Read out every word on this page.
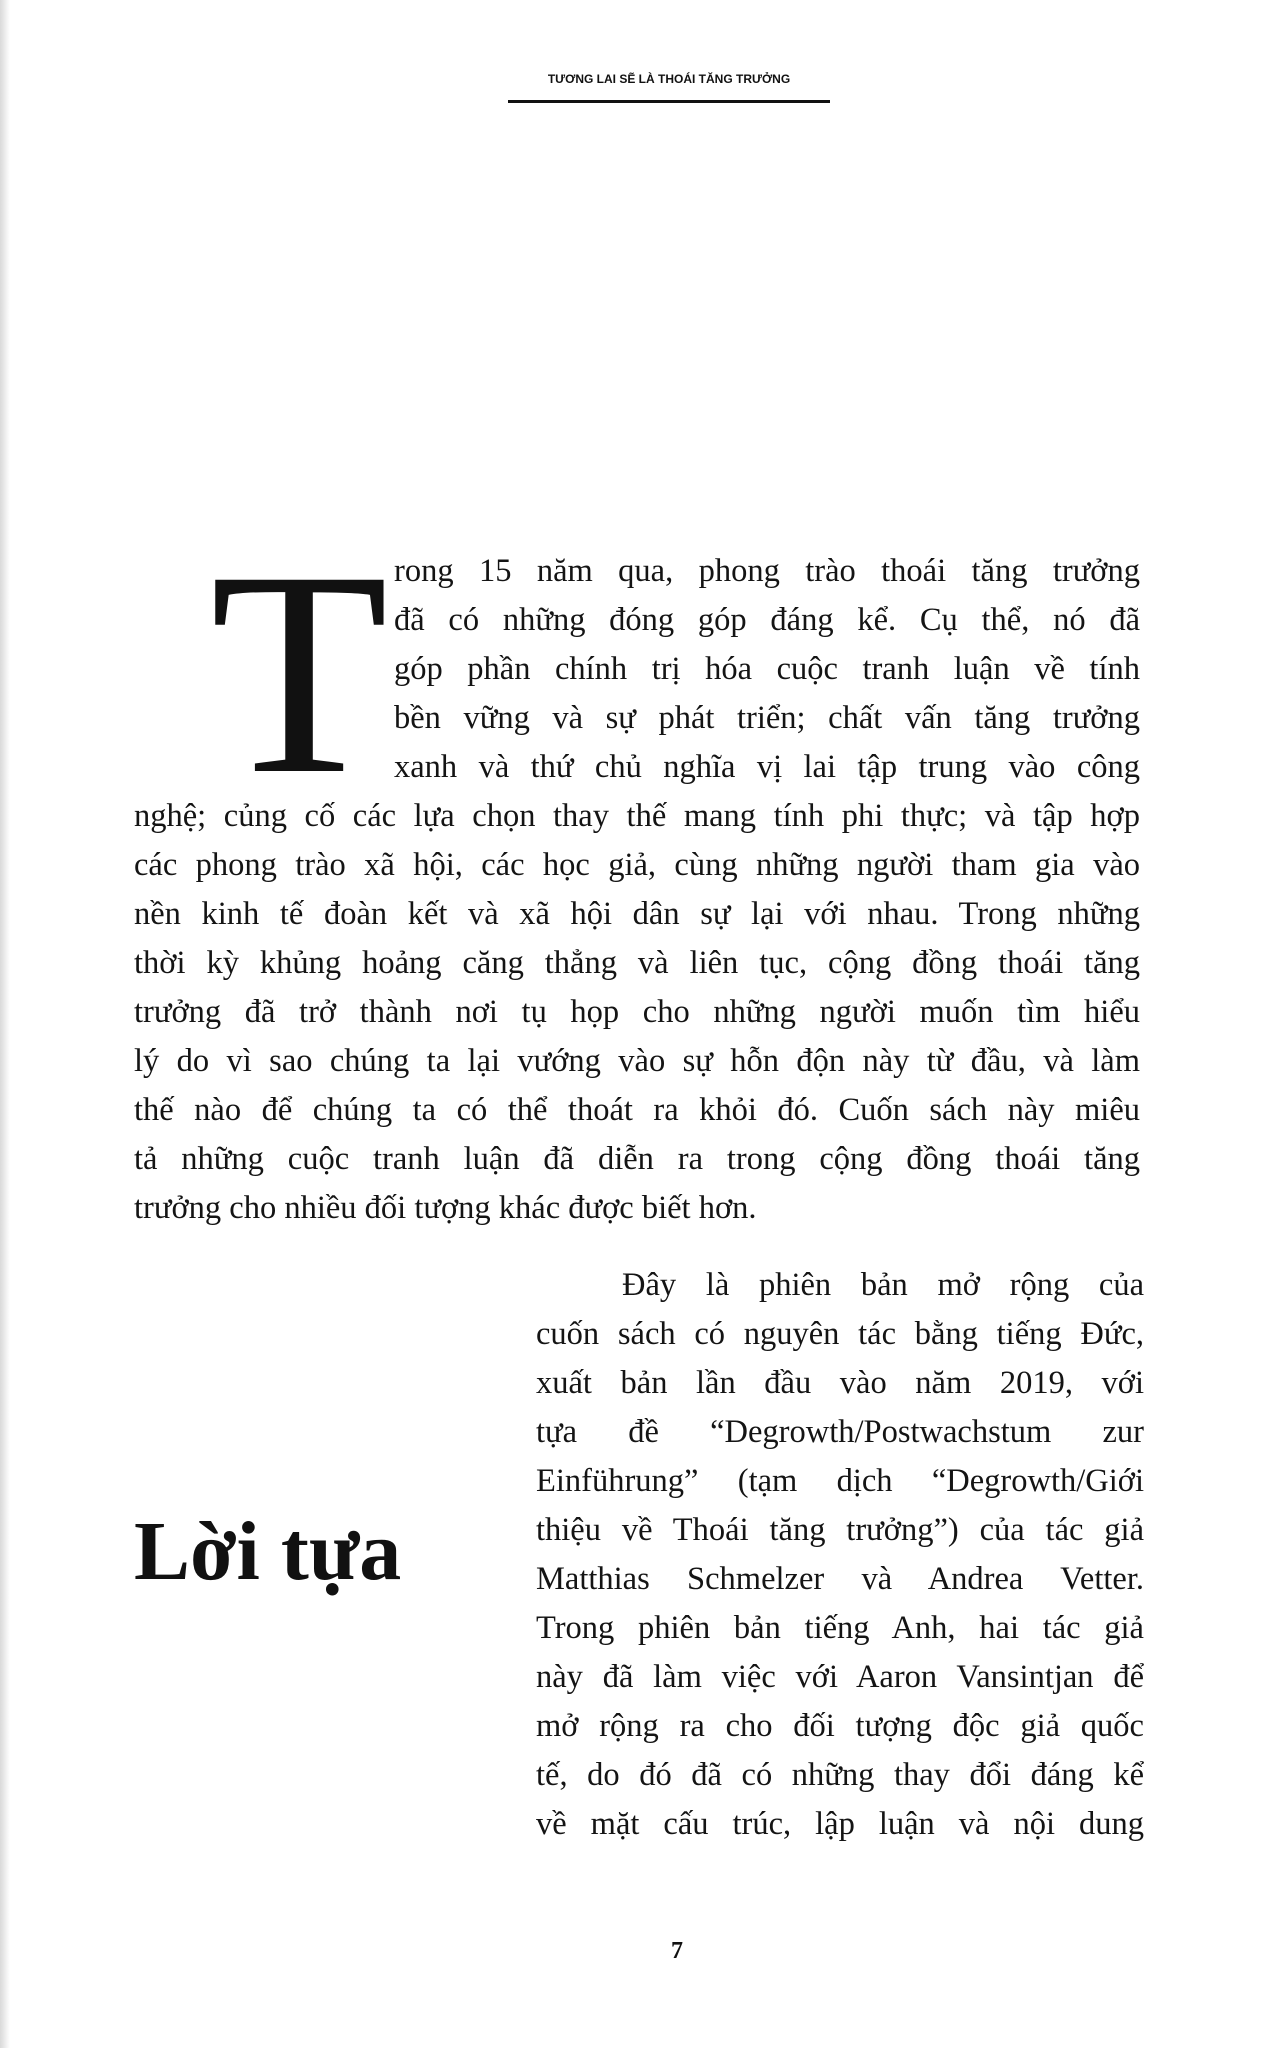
TƯƠNG LAI SẼ LÀ THOÁI TĂNG TRƯỞNG
T rong 15 năm qua, phong trào thoái tăng trưởng
đã có những đóng góp đáng kể. Cụ thể, nó đã
góp phần chính trị hóa cuộc tranh luận về tính
bền vững và sự phát triển; chất vấn tăng trưởng
xanh và thứ chủ nghĩa vị lai tập trung vào công
nghệ; củng cố các lựa chọn thay thế mang tính phi thực; và tập hợp
các phong trào xã hội, các học giả, cùng những người tham gia vào
nền kinh tế đoàn kết và xã hội dân sự lại với nhau. Trong những
thời kỳ khủng hoảng căng thẳng và liên tục, cộng đồng thoái tăng
trưởng đã trở thành nơi tụ họp cho những người muốn tìm hiểu
lý do vì sao chúng ta lại vướng vào sự hỗn độn này từ đầu, và làm
thế nào để chúng ta có thể thoát ra khỏi đó. Cuốn sách này miêu
tả những cuộc tranh luận đã diễn ra trong cộng đồng thoái tăng
trưởng cho nhiều đối tượng khác được biết hơn.
Lời tựa
Đây là phiên bản mở rộng của
cuốn sách có nguyên tác bằng tiếng Đức,
xuất bản lần đầu vào năm 2019, với
tựa đề “Degrowth/Postwachstum zur
Einführung” (tạm dịch “Degrowth/Giới
thiệu về Thoái tăng trưởng”) của tác giả
Matthias Schmelzer và Andrea Vetter.
Trong phiên bản tiếng Anh, hai tác giả
này đã làm việc với Aaron Vansintjan để
mở rộng ra cho đối tượng độc giả quốc
tế, do đó đã có những thay đổi đáng kể
về mặt cấu trúc, lập luận và nội dung
7
